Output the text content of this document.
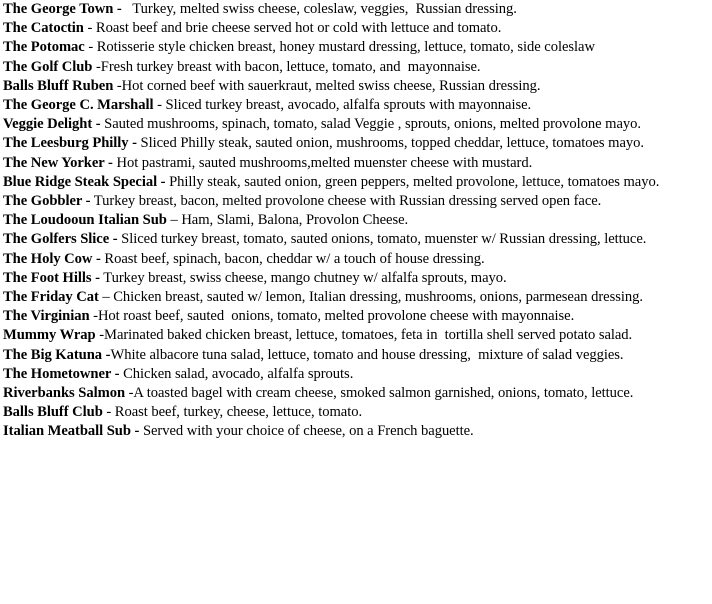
The George Town -   Turkey, melted swiss cheese, coleslaw, veggies,  Russian dressing.

The Catoctin - Roast beef and brie cheese served hot or cold with lettuce and tomato.

The Potomac - Rotisserie style chicken breast, honey mustard dressing, lettuce, tomato, side coleslaw

The Golf Club -Fresh turkey breast with bacon, lettuce, tomato, and  mayonnaise.

Balls Bluff Ruben -Hot corned beef with sauerkraut, melted swiss cheese, Russian dressing.

The George C. Marshall - Sliced turkey breast, avocado, alfalfa sprouts with mayonnaise.

Veggie Delight - Sauted mushrooms, spinach, tomato, salad Veggie , sprouts, onions, melted provolone mayo.

The Leesburg Philly - Sliced Philly steak, sauted onion, mushrooms, topped cheddar, lettuce, tomatoes mayo.

The New Yorker - Hot pastrami, sauted mushrooms,melted muenster cheese with mustard.

Blue Ridge Steak Special - Philly steak, sauted onion, green peppers, melted provolone, lettuce, tomatoes mayo.

The Gobbler - Turkey breast, bacon, melted provolone cheese with Russian dressing served open face.

The Loudooun Italian Sub – Ham, Slami, Balona, Provolon Cheese.

The Golfers Slice - Sliced turkey breast, tomato, sauted onions, tomato, muenster w/ Russian dressing, lettuce.

The Holy Cow - Roast beef, spinach, bacon, cheddar w/ a touch of house dressing.

The Foot Hills - Turkey breast, swiss cheese, mango chutney w/ alfalfa sprouts, mayo.

The Friday Cat – Chicken breast, sauted w/ lemon, Italian dressing, mushrooms, onions, parmesean dressing.

The Virginian -Hot roast beef, sauted  onions, tomato, melted provolone cheese with mayonnaise.

Mummy Wrap -Marinated baked chicken breast, lettuce, tomatoes, feta in  tortilla shell served potato salad.

The Big Katuna -White albacore tuna salad, lettuce, tomato and house dressing,  mixture of salad veggies.

The Hometowner - Chicken salad, avocado, alfalfa sprouts.

Riverbanks Salmon -A toasted bagel with cream cheese, smoked salmon garnished, onions, tomato, lettuce.

Balls Bluff Club - Roast beef, turkey, cheese, lettuce, tomato.

Italian Meatball Sub - Served with your choice of cheese, on a French baguette.
